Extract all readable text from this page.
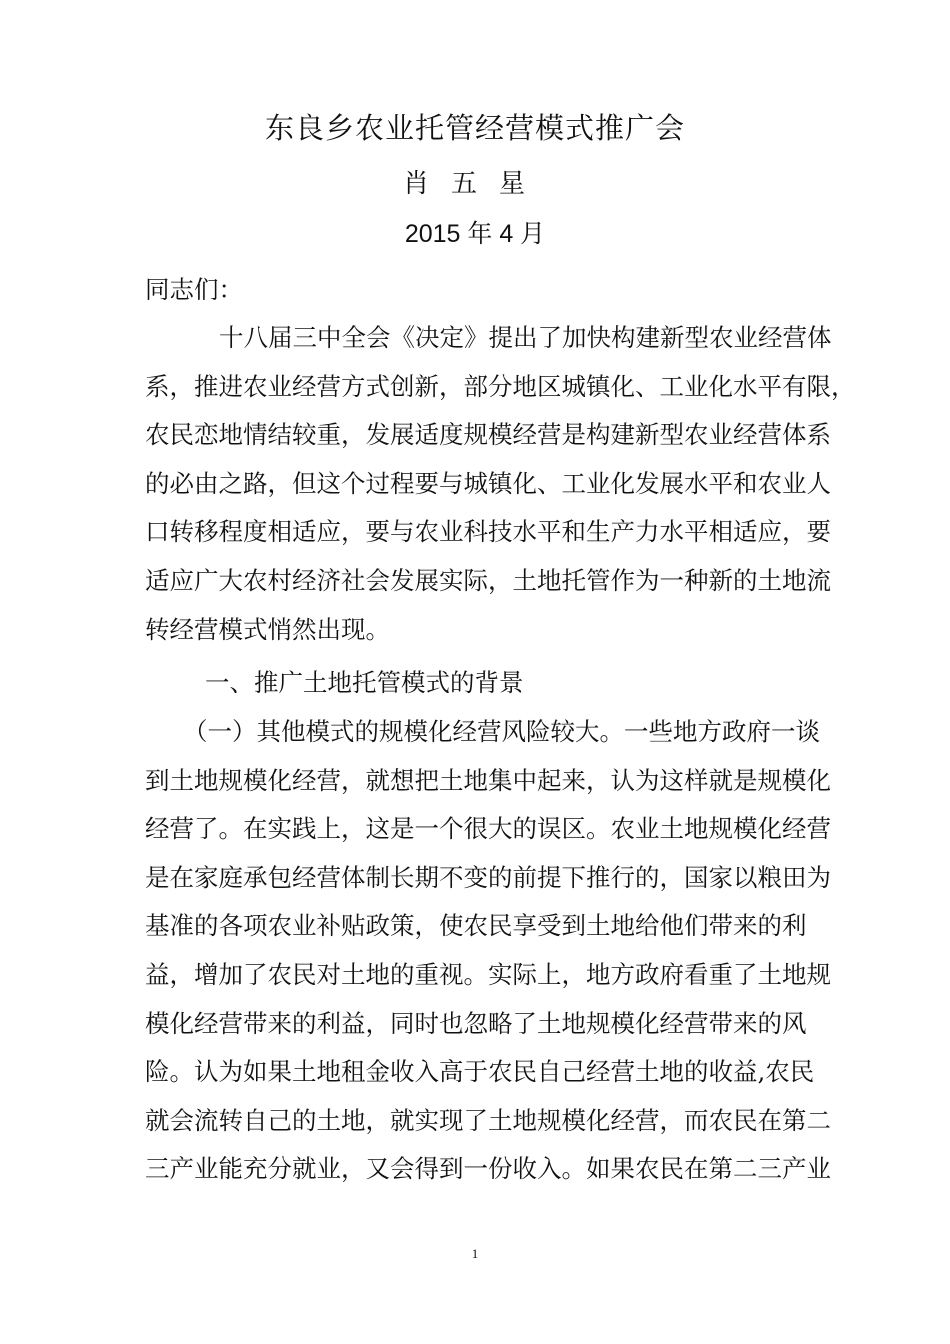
东良乡农业托管经营模式推广会
肖五星
2015 年 4 月
同志们：
十八届三中全会《决定》提出了加快构建新型农业经营体
系，推进农业经营方式创新，部分地区城镇化、工业化水平有限，
农民恋地情结较重，发展适度规模经营是构建新型农业经营体系
的必由之路，但这个过程要与城镇化、工业化发展水平和农业人
口转移程度相适应，要与农业科技水平和生产力水平相适应，要
适应广大农村经济社会发展实际，土地托管作为一种新的土地流
转经营模式悄然出现。
一、推广土地托管模式的背景
（一）其他模式的规模化经营风险较大。一些地方政府一谈
到土地规模化经营，就想把土地集中起来，认为这样就是规模化
经营了。在实践上，这是一个很大的误区。农业土地规模化经营
是在家庭承包经营体制长期不变的前提下推行的，国家以粮田为
基准的各项农业补贴政策，使农民享受到土地给他们带来的利
益，增加了农民对土地的重视。实际上，地方政府看重了土地规
模化经营带来的利益，同时也忽略了土地规模化经营带来的风
险。认为如果土地租金收入高于农民自己经营土地的收益,农民
就会流转自己的土地，就实现了土地规模化经营，而农民在第二
三产业能充分就业，又会得到一份收入。如果农民在第二三产业
1
